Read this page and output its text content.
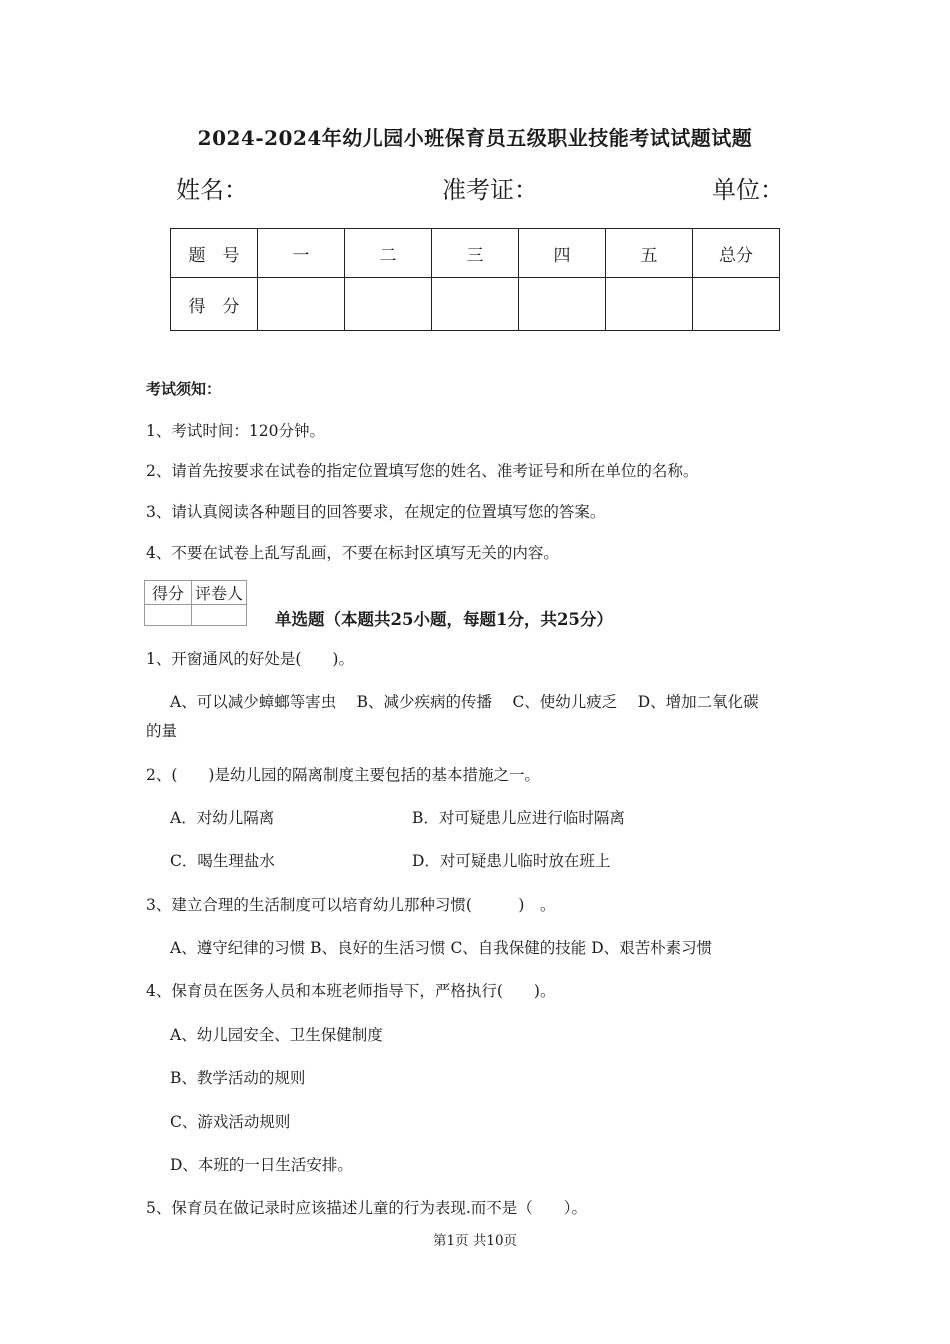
2024-2024年幼儿园小班保育员五级职业技能考试试题试题
姓名：	准考证：	单位：
题　号	一	二	三	四	五	总分
得　分						
考试须知：
1、考试时间：120分钟。
2、请首先按要求在试卷的指定位置填写您的姓名、准考证号和所在单位的名称。
3、请认真阅读各种题目的回答要求，在规定的位置填写您的答案。
4、不要在试卷上乱写乱画，不要在标封区填写无关的内容。
得分	评卷人

单选题（本题共25小题，每题1分，共25分）
1、开窗通风的好处是(　　)。
A、可以减少蟑螂等害虫　 B、减少疾病的传播　 C、使幼儿疲乏　 D、增加二氧化碳
的量
2、(　　)是幼儿园的隔离制度主要包括的基本措施之一。
A．对幼儿隔离	B．对可疑患儿应进行临时隔离
C．喝生理盐水	D．对可疑患儿临时放在班上
3、建立合理的生活制度可以培育幼儿那种习惯(　　　)　。
A、遵守纪律的习惯 B、良好的生活习惯 C、自我保健的技能 D、艰苦朴素习惯
4、保育员在医务人员和本班老师指导下，严格执行(　　)。
A、幼儿园安全、卫生保健制度
B、教学活动的规则
C、游戏活动规则
D、本班的一日生活安排。
5、保育员在做记录时应该描述儿童的行为表现.而不是（　　）。
第1页 共10页
